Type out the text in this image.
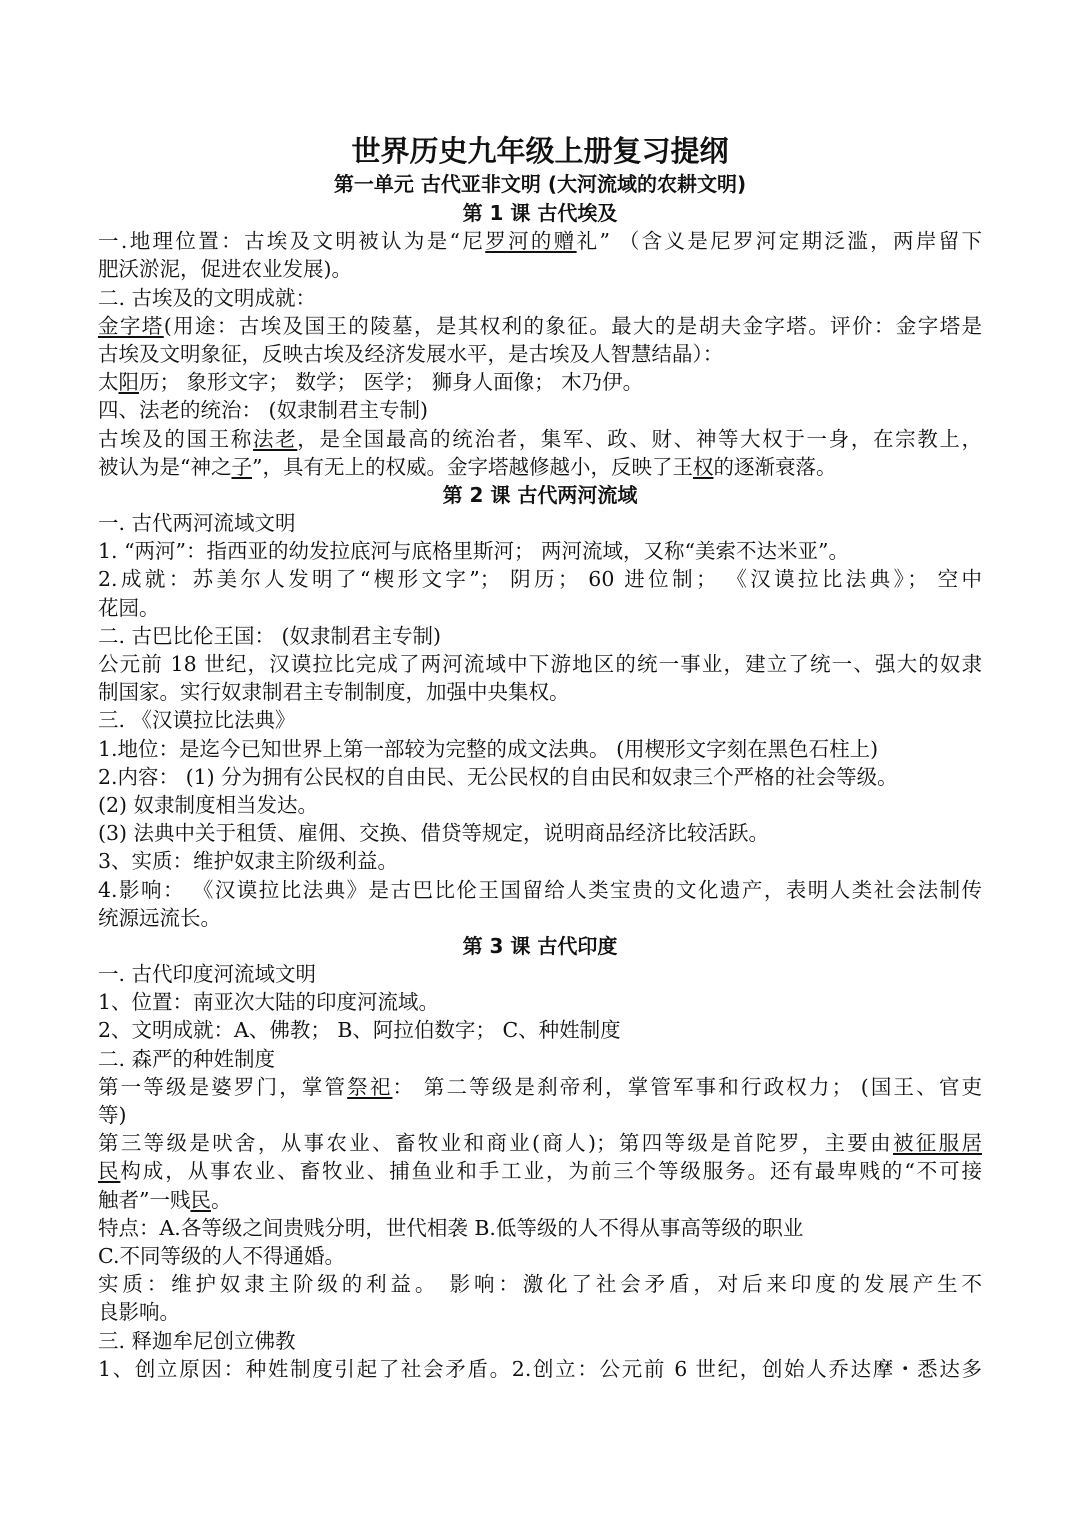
世界历史九年级上册复习提纲
第一单元 古代亚非文明 (大河流域的农耕文明)
第 1 课 古代埃及
一.地理位置：古埃及文明被认为是“尼罗河的赠礼” （含义是尼罗河定期泛滥，两岸留下
肥沃淤泥，促进农业发展)。
二. 古埃及的文明成就：
金字塔(用途：古埃及国王的陵墓，是其权利的象征。最大的是胡夫金字塔。评价：金字塔是
古埃及文明象征，反映古埃及经济发展水平，是古埃及人智慧结晶）：
太阳历； 象形文字； 数学； 医学； 狮身人面像； 木乃伊。
四、法老的统治： (奴隶制君主专制)
古埃及的国王称法老，是全国最高的统治者，集军、政、财、神等大权于一身，在宗教上，
被认为是“神之子”，具有无上的权威。金字塔越修越小，反映了王权的逐渐衰落。
第 2 课 古代两河流域
一. 古代两河流域文明
1. “两河”：指西亚的幼发拉底河与底格里斯河； 两河流域，又称“美索不达米亚”。
2.成就：苏美尔人发明了“楔形文字”； 阴历； 60 进位制； 《汉谟拉比法典》； 空中
花园。
二. 古巴比伦王国： (奴隶制君主专制)
公元前 18 世纪，汉谟拉比完成了两河流域中下游地区的统一事业，建立了统一、强大的奴隶
制国家。实行奴隶制君主专制制度，加强中央集权。
三. 《汉谟拉比法典》
1.地位：是迄今已知世界上第一部较为完整的成文法典。 (用楔形文字刻在黑色石柱上)
2.内容： (1) 分为拥有公民权的自由民、无公民权的自由民和奴隶三个严格的社会等级。
(2) 奴隶制度相当发达。
(3) 法典中关于租赁、雇佣、交换、借贷等规定，说明商品经济比较活跃。
3、实质：维护奴隶主阶级利益。
4.影响： 《汉谟拉比法典》是古巴比伦王国留给人类宝贵的文化遗产，表明人类社会法制传
统源远流长。
第 3 课 古代印度
一. 古代印度河流域文明
1、位置：南亚次大陆的印度河流域。
2、文明成就：A、佛教； B、阿拉伯数字； C、种姓制度
二. 森严的种姓制度
第一等级是婆罗门，掌管祭祀： 第二等级是刹帝利，掌管军事和行政权力； (国王、官吏
等)
第三等级是吠舍，从事农业、畜牧业和商业(商人)；第四等级是首陀罗，主要由被征服居
民构成，从事农业、畜牧业、捕鱼业和手工业，为前三个等级服务。还有最卑贱的“不可接
触者”一贱民。
特点：A.各等级之间贵贱分明，世代相袭 B.低等级的人不得从事高等级的职业
C.不同等级的人不得通婚。
实质：维护奴隶主阶级的利益。 影响：激化了社会矛盾，对后来印度的发展产生不
良影响。
三. 释迦牟尼创立佛教
1、创立原因：种姓制度引起了社会矛盾。2.创立：公元前 6 世纪，创始人乔达摩・悉达多
